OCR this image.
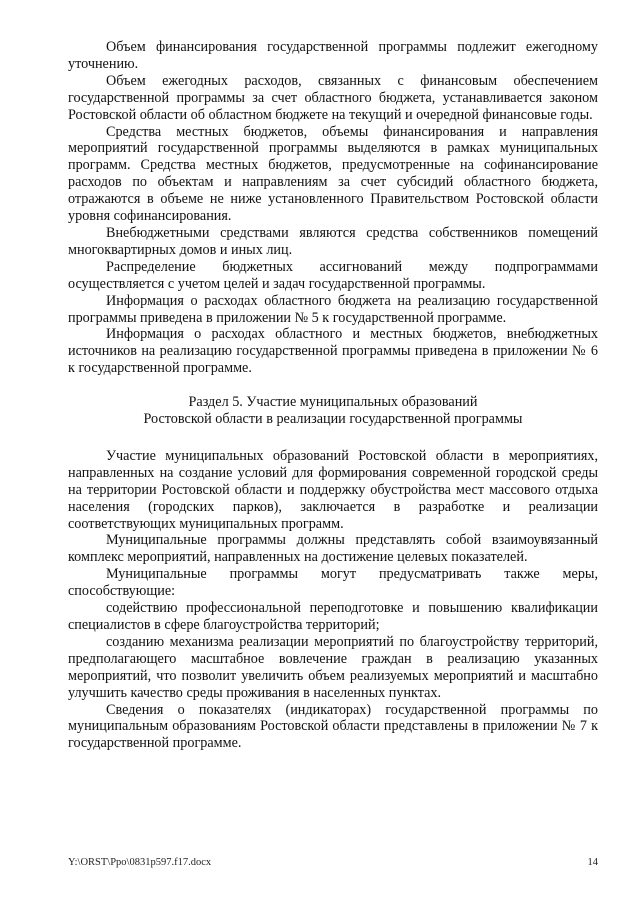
Объем финансирования государственной программы подлежит ежегодному уточнению.

Объем ежегодных расходов, связанных с финансовым обеспечением государственной программы за счет областного бюджета, устанавливается законом Ростовской области об областном бюджете на текущий и очередной финансовые годы.

Средства местных бюджетов, объемы финансирования и направления мероприятий государственной программы выделяются в рамках муниципальных программ. Средства местных бюджетов, предусмотренные на софинансирование расходов по объектам и направлениям за счет субсидий областного бюджета, отражаются в объеме не ниже установленного Правительством Ростовской области уровня софинансирования.

Внебюджетными средствами являются средства собственников помещений многоквартирных домов и иных лиц.

Распределение бюджетных ассигнований между подпрограммами осуществляется с учетом целей и задач государственной программы.

Информация о расходах областного бюджета на реализацию государственной программы приведена в приложении № 5 к государственной программе.

Информация о расходах областного и местных бюджетов, внебюджетных источников на реализацию государственной программы приведена в приложении № 6 к государственной программе.

Раздел 5. Участие муниципальных образований
Ростовской области в реализации государственной программы

Участие муниципальных образований Ростовской области в мероприятиях, направленных на создание условий для формирования современной городской среды на территории Ростовской области и поддержку обустройства мест массового отдыха населения (городских парков), заключается в разработке и реализации соответствующих муниципальных программ.

Муниципальные программы должны представлять собой взаимоувязанный комплекс мероприятий, направленных на достижение целевых показателей.

Муниципальные программы могут предусматривать также меры, способствующие:

содействию профессиональной переподготовке и повышению квалификации специалистов в сфере благоустройства территорий;

созданию механизма реализации мероприятий по благоустройству территорий, предполагающего масштабное вовлечение граждан в реализацию указанных мероприятий, что позволит увеличить объем реализуемых мероприятий и масштабно улучшить качество среды проживания в населенных пунктах.

Сведения о показателях (индикаторах) государственной программы по муниципальным образованиям Ростовской области представлены в приложении № 7 к государственной программе.

Y:\ORST\Ppo\0831p597.f17.docx	14
